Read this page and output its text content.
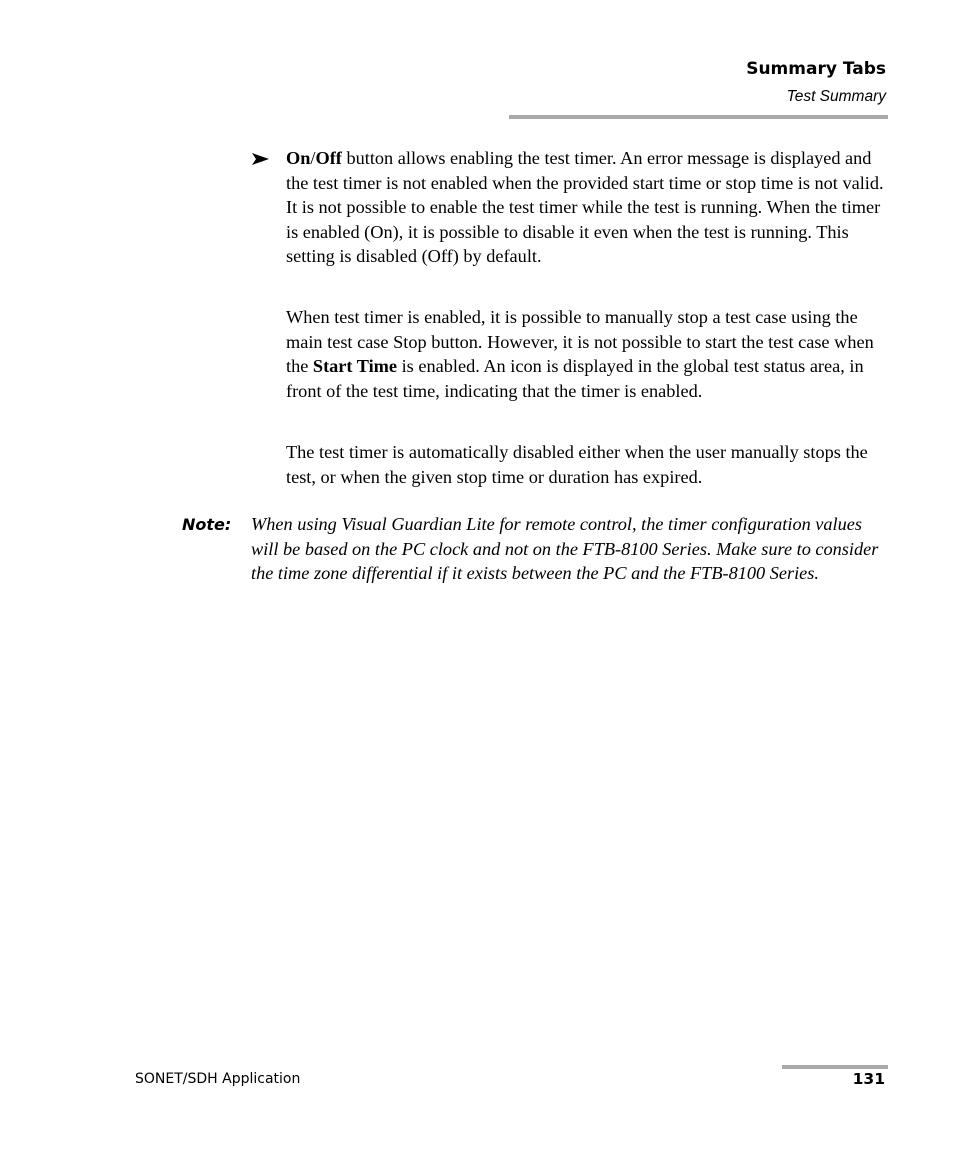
Summary Tabs
Test Summary

On/Off button allows enabling the test timer. An error message is displayed and the test timer is not enabled when the provided start time or stop time is not valid. It is not possible to enable the test timer while the test is running. When the timer is enabled (On), it is possible to disable it even when the test is running. This setting is disabled (Off) by default.

When test timer is enabled, it is possible to manually stop a test case using the main test case Stop button. However, it is not possible to start the test case when the Start Time is enabled. An icon is displayed in the global test status area, in front of the test time, indicating that the timer is enabled.

The test timer is automatically disabled either when the user manually stops the test, or when the given stop time or duration has expired.

Note: When using Visual Guardian Lite for remote control, the timer configuration values will be based on the PC clock and not on the FTB-8100 Series. Make sure to consider the time zone differential if it exists between the PC and the FTB-8100 Series.

SONET/SDH Application	131
